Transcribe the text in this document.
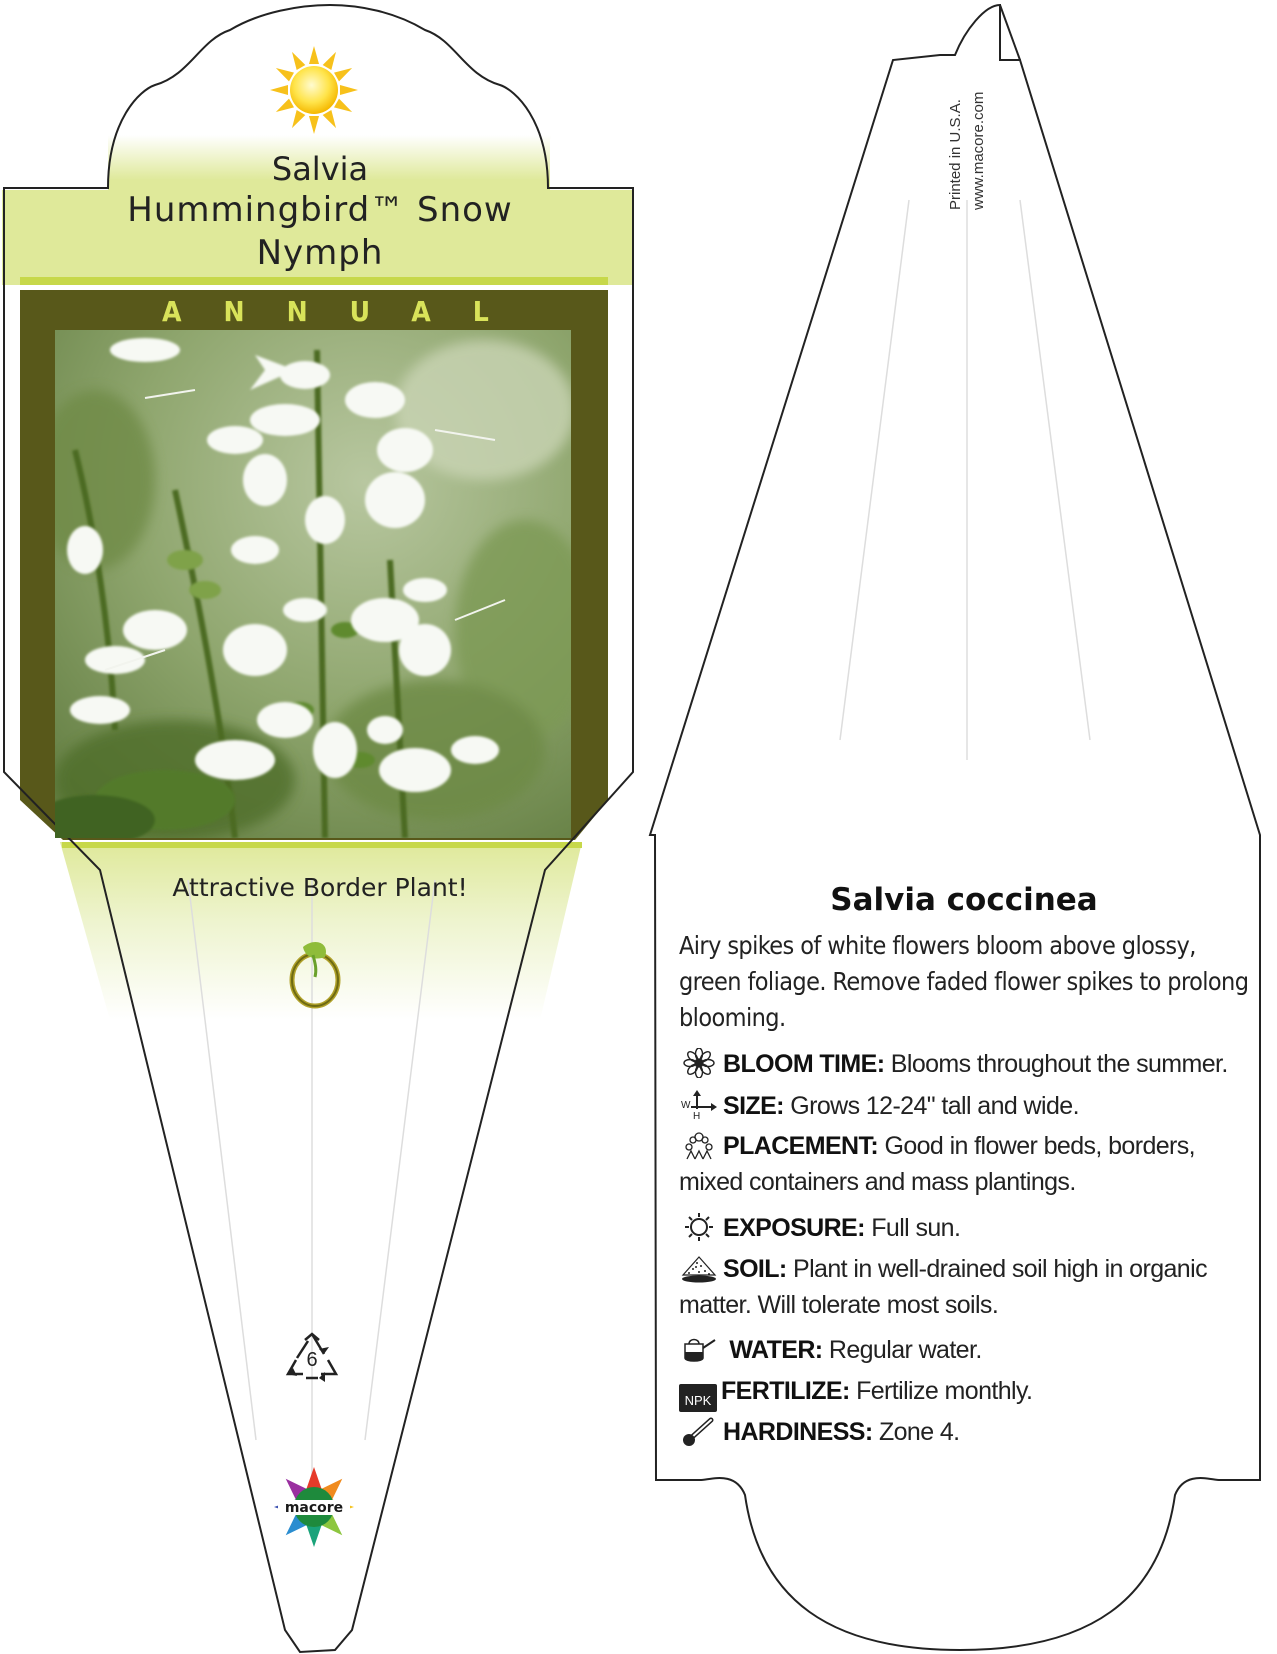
Salvia
Hummingbird™ Snow
Nymph
ANNUAL
Attractive Border Plant!
6
macore
Printed in U.S.A. www.macore.com
Salvia coccinea
Airy spikes of white flowers bloom above glossy, green foliage. Remove faded flower spikes to prolong blooming.
BLOOM TIME: Blooms throughout the summer.
W
H SIZE: Grows 12-24" tall and wide.
PLACEMENT: Good in flower beds, borders, mixed containers and mass plantings.
EXPOSURE: Full sun.
SOIL: Plant in well-drained soil high in organic matter. Will tolerate most soils.
WATER: Regular water.
NPK FERTILIZE: Fertilize monthly.
HARDINESS: Zone 4.
